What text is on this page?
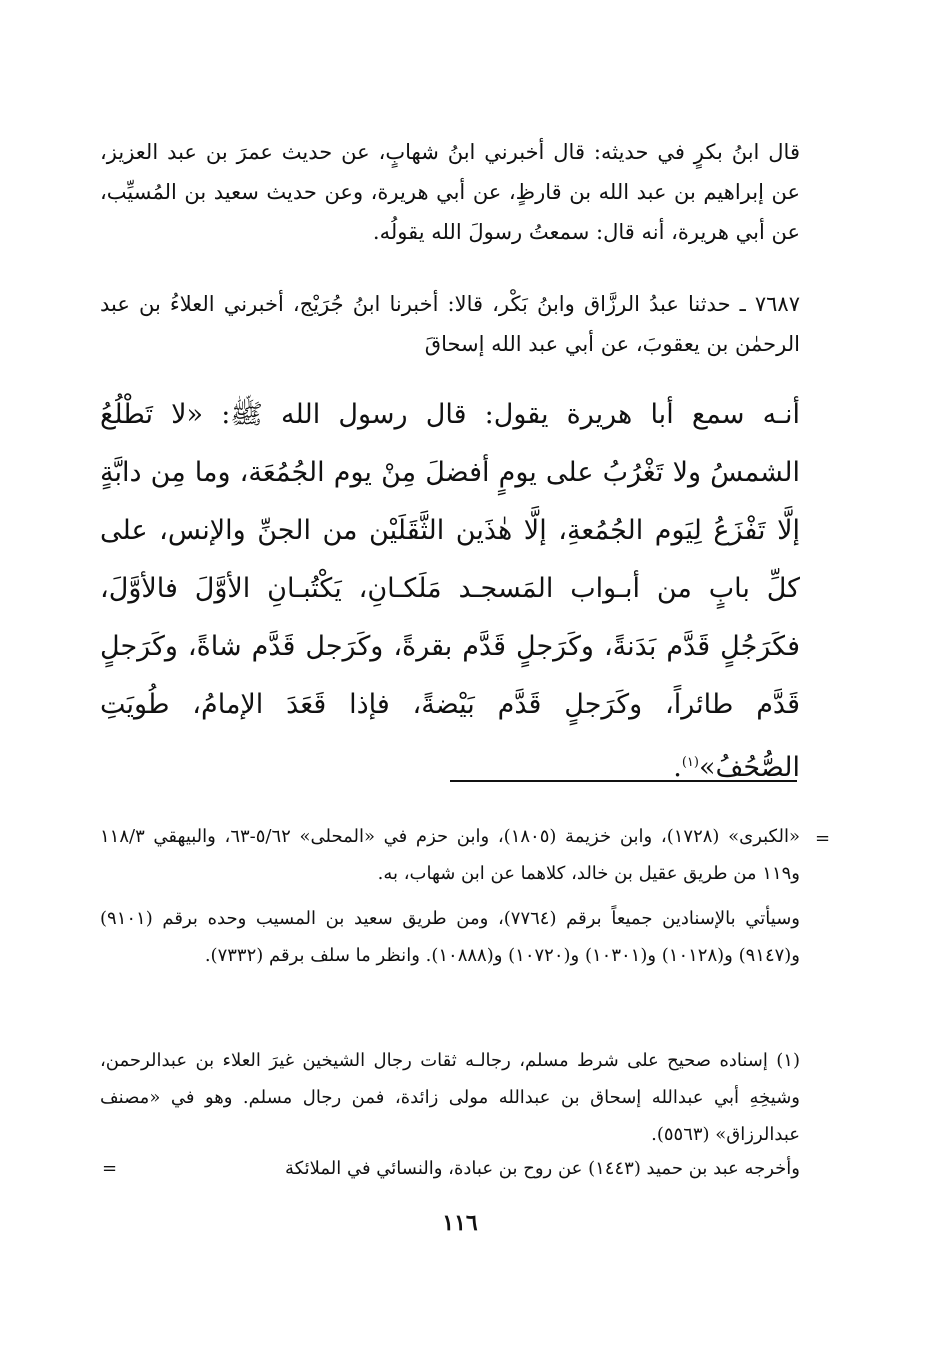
قال ابنُ بكرٍ في حديثه: قال أخبرني ابنُ شهابٍ، عن حديث عمرَ بن عبد العزيز، عن إبراهيم بن عبد الله بن قارظٍ، عن أبي هريرة، وعن حديث سعيد بن المُسيِّب، عن أبي هريرة، أنه قال: سمعتُ رسولَ الله يقولُه.

٧٦٨٧ ـ حدثنا عبدُ الرزَّاق وابنُ بَكْر، قالا: أخبرنا ابنُ جُرَيْج، أخبرني العلاءُ بن عبد الرحمٰن بن يعقوبَ، عن أبي عبد الله إسحاقَ

أنـه سمع أبا هريرة يقول: قال رسول الله ﷺ: «لا تَطْلُعُ الشمسُ ولا تَغْرُبُ على يومٍ أفضلَ مِنْ يوم الجُمُعَة، وما مِن دابَّةٍ إلَّا تَفْزَعُ لِيَوم الجُمُعةِ، إلَّا هٰذَين الثَّقَلَيْن من الجنِّ والإنس، على كلِّ بابٍ من أبـواب المَسجـد مَلَكـانِ، يَكْتُبـانِ الأوَّلَ فالأوَّلَ، فكَرَجُلٍ قَدَّم بَدَنةً، وكَرَجلٍ قَدَّم بقرةً، وكَرَجل قَدَّم شاةً، وكَرَجلٍ قَدَّم طائراً، وكَرَجلٍ قَدَّم بَيْضةً، فإذا قَعَدَ الإمامُ، طُويَتِ الصُّحُفُ»$^{(١)}$.

=

«الكبرى» (١٧٢٨)، وابن خزيمة (١٨٠٥)، وابن حزم في «المحلى» ٥/٦٢-٦٣، والبيهقي ١١٨/٣ و١١٩ من طريق عقيل بن خالد، كلاهما عن ابن شهاب، به.

وسيأتي بالإسنادين جميعاً برقم (٧٧٦٤)، ومن طريق سعيد بن المسيب وحده برقم (٩١٠١) و(٩١٤٧) و(١٠١٢٨) و(١٠٣٠١) و(١٠٧٢٠) و(١٠٨٨٨). وانظر ما سلف برقم (٧٣٣٢).

(١) إسناده صحيح على شرط مسلم، رجالـه ثقات رجال الشيخين غيرَ العلاء بن عبدالرحمن، وشيخِهِ أبي عبدالله إسحاق بن عبدالله مولى زائدة، فمن رجال مسلم. وهو في «مصنف عبدالرزاق» (٥٥٦٣).

وأخرجه عبد بن حميد (١٤٤٣) عن روح بن عبادة، والنسائي في الملائكة

=
١١٦
